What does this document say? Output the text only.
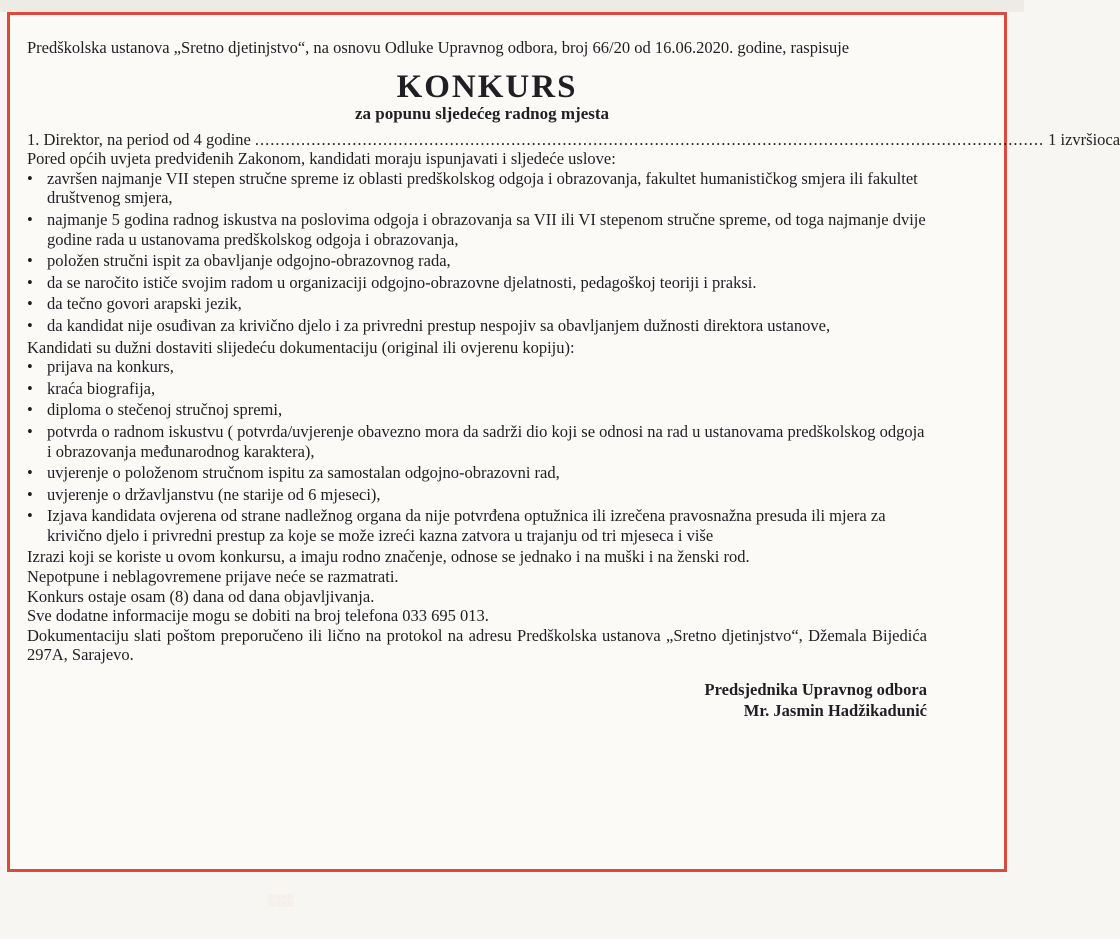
Predškolska ustanova „Sretno djetinjstvo“, na osnovu Odluke Upravnog odbora, broj 66/20 od 16.06.2020. godine, raspisuje

KONKURS
za popunu sljedećeg radnog mjesta
1. Direktor, na period od 4 godine .......................................................................................................................................................... 1 izvršioca

Pored općih uvjeta predviđenih Zakonom, kandidati moraju ispunjavati i sljedeće uslove:

• završen najmanje VII stepen stručne spreme iz oblasti predškolskog odgoja i obrazovanja, fakultet humanističkog smjera ili fakultet društvenog smjera,
• najmanje 5 godina radnog iskustva na poslovima odgoja i obrazovanja sa VII ili VI stepenom stručne spreme, od toga najmanje dvije godine rada u ustanovama predškolskog odgoja i obrazovanja,
• položen stručni ispit za obavljanje odgojno-obrazovnog rada,
• da se naročito ističe svojim radom u organizaciji odgojno-obrazovne djelatnosti, pedagoškoj teoriji i praksi.
• da tečno govori arapski jezik,
• da kandidat nije osuđivan za krivično djelo i za privredni prestup nespojiv sa obavljanjem dužnosti direktora ustanove,

Kandidati su dužni dostaviti slijedeću dokumentaciju (original ili ovjerenu kopiju):

• prijava na konkurs,
• kraća biografija,
• diploma o stečenoj stručnoj spremi,
• potvrda o radnom iskustvu ( potvrda/uvjerenje obavezno mora da sadrži dio koji se odnosi na rad u ustanovama predškolskog odgoja i obrazovanja međunarodnog karaktera),
• uvjerenje o položenom stručnom ispitu za samostalan odgojno-obrazovni rad,
• uvjerenje o državljanstvu (ne starije od 6 mjeseci),
• Izjava kandidata ovjerena od strane nadležnog organa da nije potvrđena optužnica ili izrečena pravosnažna presuda ili mjera za krivično djelo i privredni prestup za koje se može izreći kazna zatvora u trajanju od tri mjeseca i više

Izrazi koji se koriste u ovom konkursu, a imaju rodno značenje, odnose se jednako i na muški i na ženski rod.

Nepotpune i neblagovremene prijave neće se razmatrati.

Konkurs ostaje osam (8) dana od dana objavljivanja.

Sve dodatne informacije mogu se dobiti na broj telefona 033 695 013.

Dokumentaciju slati poštom preporučeno ili lično na protokol na adresu Predškolska ustanova „Sretno djetinjstvo“, Džemala Bijedića 297A, Sarajevo.

Predsjednika Upravnog odbora
Mr. Jasmin Hadžikadunić
░░░
